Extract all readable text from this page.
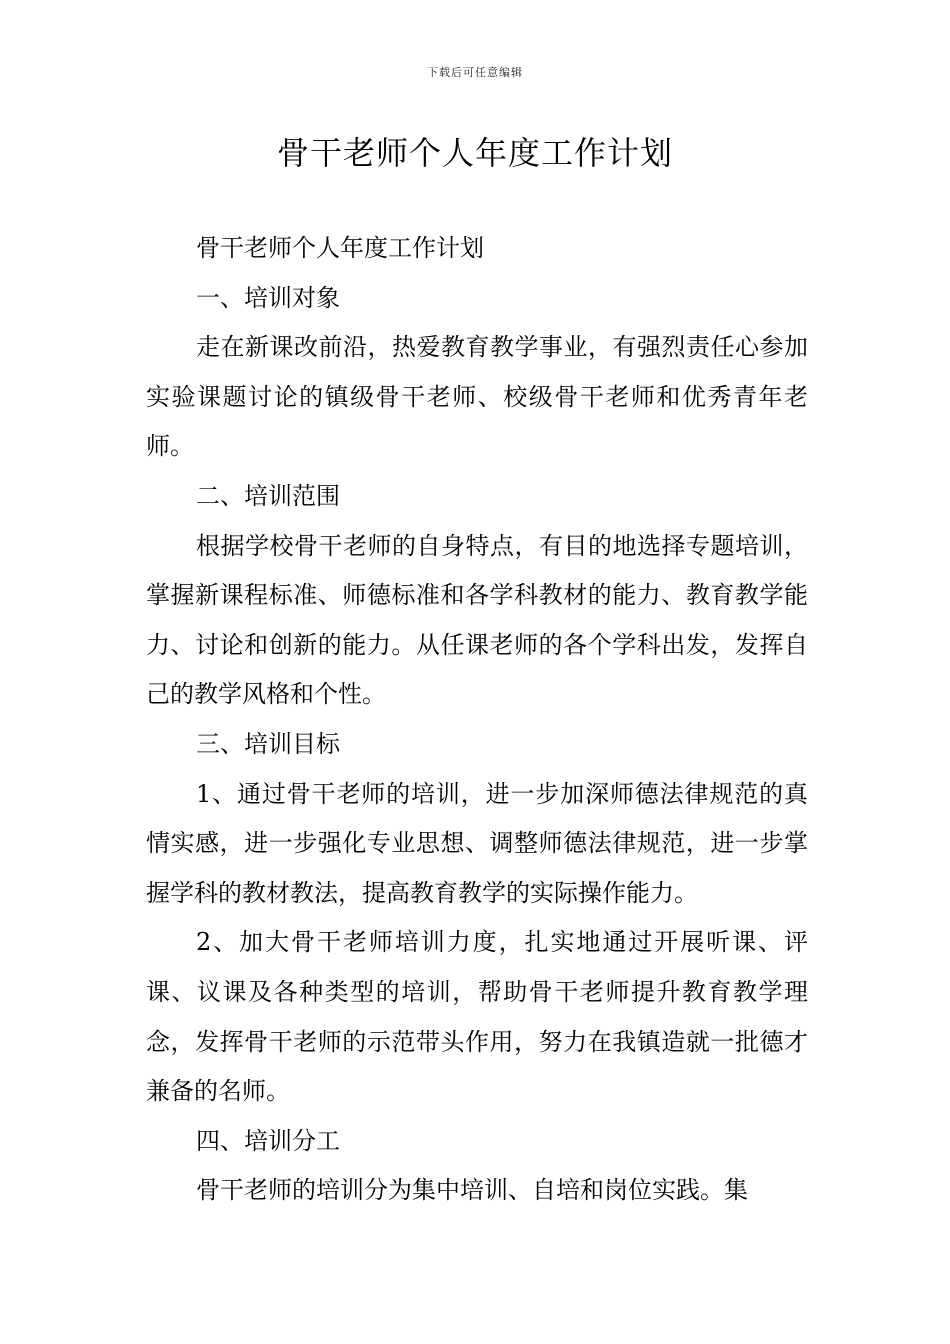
下载后可任意编辑
骨干老师个人年度工作计划

骨干老师个人年度工作计划

一、培训对象

走在新课改前沿，热爱教育教学事业，有强烈责任心参加实验课题讨论的镇级骨干老师、校级骨干老师和优秀青年老师。

二、培训范围

根据学校骨干老师的自身特点，有目的地选择专题培训，掌握新课程标准、师德标准和各学科教材的能力、教育教学能力、讨论和创新的能力。从任课老师的各个学科出发，发挥自己的教学风格和个性。

三、培训目标

1、通过骨干老师的培训，进一步加深师德法律规范的真情实感，进一步强化专业思想、调整师德法律规范，进一步掌握学科的教材教法，提高教育教学的实际操作能力。

2、加大骨干老师培训力度，扎实地通过开展听课、评课、议课及各种类型的培训，帮助骨干老师提升教育教学理念，发挥骨干老师的示范带头作用，努力在我镇造就一批德才兼备的名师。

四、培训分工

骨干老师的培训分为集中培训、自培和岗位实践。集
